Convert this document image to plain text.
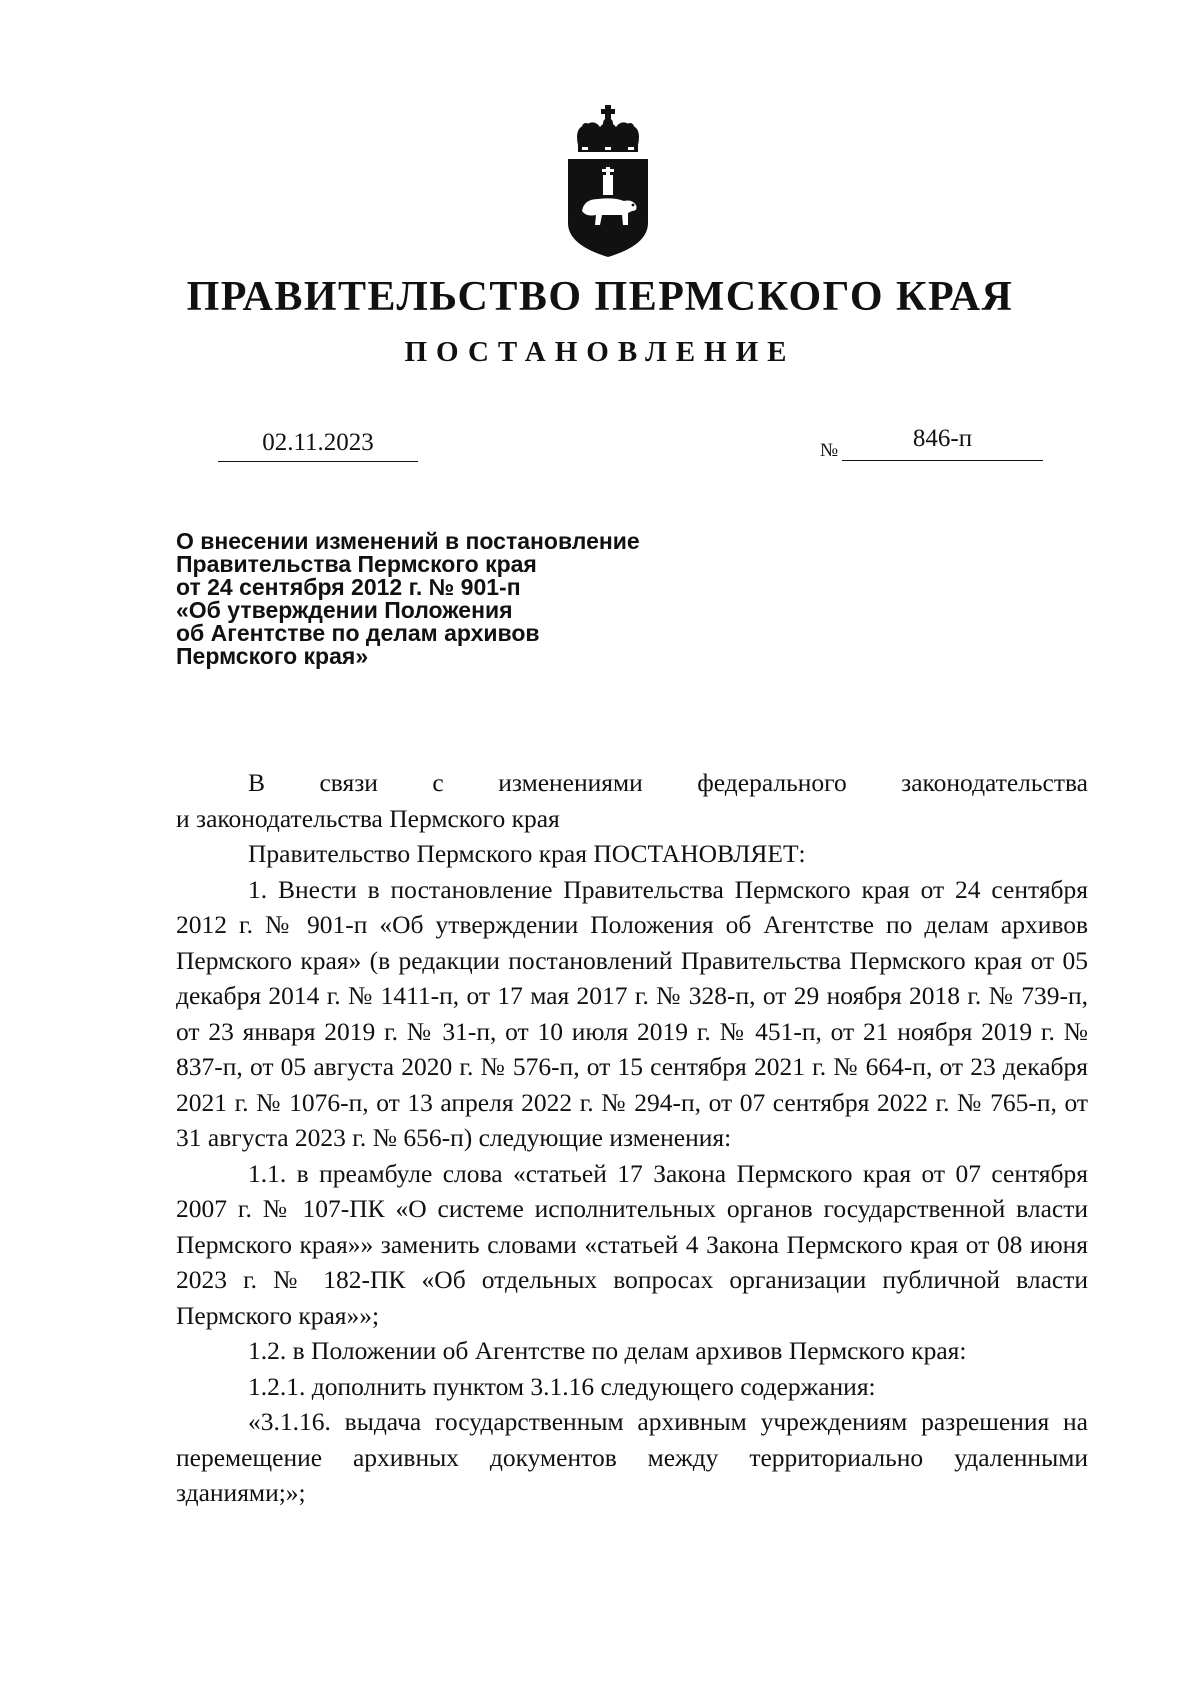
ПРАВИТЕЛЬСТВО ПЕРМСКОГО КРАЯ
ПОСТАНОВЛЕНИЕ
02.11.2023	№	846-п
О внесении изменений в постановление
Правительства Пермского края
от 24 сентября 2012 г. № 901-п
«Об утверждении Положения
об Агентстве по делам архивов
Пермского края»

В связи с изменениями федерального законодательства

и законодательства Пермского края

Правительство Пермского края ПОСТАНОВЛЯЕТ:

1. Внести в постановление Правительства Пермского края от 24 сентября 2012 г. № 901-п «Об утверждении Положения об Агентстве по делам архивов Пермского края» (в редакции постановлений Правительства Пермского края от 05 декабря 2014 г. № 1411-п, от 17 мая 2017 г. № 328-п, от 29 ноября 2018 г. № 739-п, от 23 января 2019 г. № 31-п, от 10 июля 2019 г. № 451-п, от 21 ноября 2019 г. № 837-п, от 05 августа 2020 г. № 576-п, от 15 сентября 2021 г. № 664-п, от 23 декабря 2021 г. № 1076-п, от 13 апреля 2022 г. № 294-п, от 07 сентября 2022 г. № 765-п, от 31 августа 2023 г. № 656-п) следующие изменения:

1.1. в преамбуле слова «статьей 17 Закона Пермского края от 07 сентября 2007 г. № 107-ПК «О системе исполнительных органов государственной власти Пермского края»» заменить словами «статьей 4 Закона Пермского края от 08 июня 2023 г. № 182-ПК «Об отдельных вопросах организации публичной власти Пермского края»»;

1.2. в Положении об Агентстве по делам архивов Пермского края:

1.2.1. дополнить пунктом 3.1.16 следующего содержания:

«3.1.16. выдача государственным архивным учреждениям разрешения на перемещение архивных документов между территориально удаленными зданиями;»;
